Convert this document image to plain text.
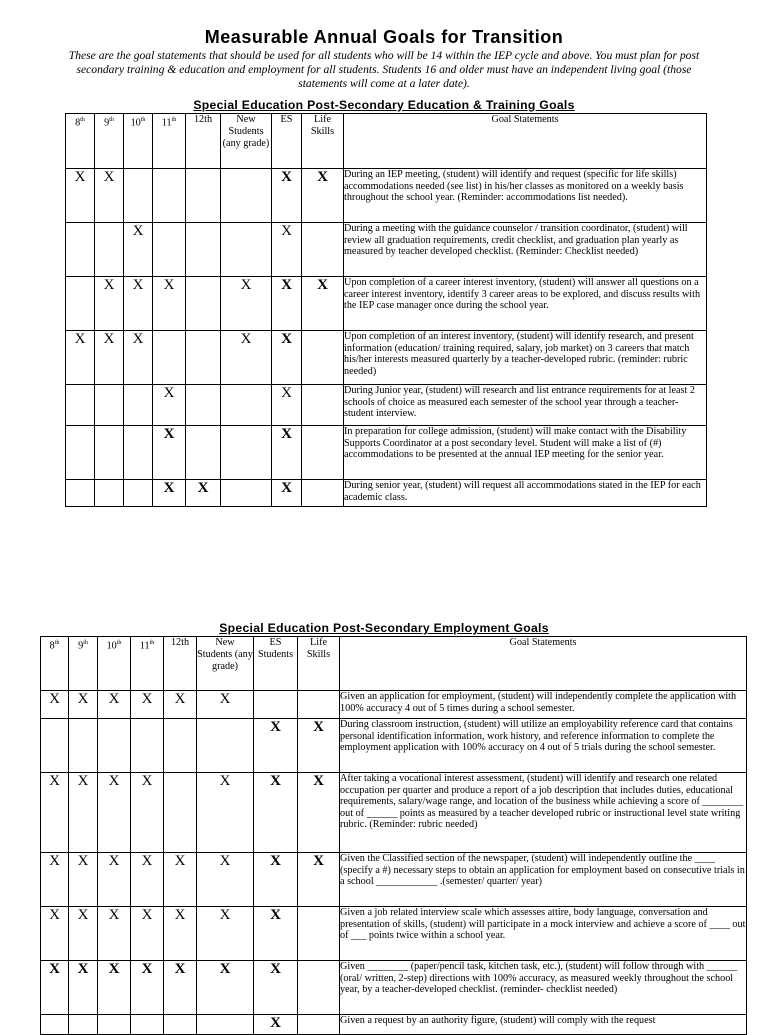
Measurable Annual Goals for Transition
These are the goal statements that should be used for all students who will be 14 within the IEP cycle and above. You must plan for post secondary training & education and employment for all students. Students 16 and older must have an independent living goal (those statements will come at a later date).
Special Education Post-Secondary Education & Training Goals
8th	9th	10th	11th	12th	New Students (any grade)	ES	Life Skills	Goal Statements
X	X					X	X	During an IEP meeting, (student) will identify and request (specific for life skills) accommodations needed (see list) in his/her classes as monitored on a weekly basis throughout the school year. (Reminder: accommodations list needed).
		X				X		During a meeting with the guidance counselor / transition coordinator, (student) will review all graduation requirements, credit checklist, and graduation plan yearly as measured by teacher developed checklist. (Reminder: Checklist needed)
	X	X	X		X	X	X	Upon completion of a career interest inventory, (student) will answer all questions on a career interest inventory, identify 3 career areas to be explored, and discuss results with the IEP case manager once during the school year.
X	X	X			X	X		Upon completion of an interest inventory, (student) will identify research, and present information (education/ training required, salary, job market) on 3 careers that match his/her interests measured quarterly by a teacher-developed rubric. (reminder: rubric needed)
			X			X		During Junior year, (student) will research and list entrance requirements for at least 2 schools of choice as measured each semester of the school year through a teacher-student interview.
			X			X		In preparation for college admission, (student) will make contact with the Disability Supports Coordinator at a post secondary level. Student will make a list of (#) accommodations to be presented at the annual IEP meeting for the senior year.
			X	X		X		During senior year, (student) will request all accommodations stated in the IEP for each academic class.
Special Education Post-Secondary Employment Goals
8th	9th	10th	11th	12th	New Students (any grade)	ES Students	Life Skills	Goal Statements
X	X	X	X	X	X			Given an application for employment, (student) will independently complete the application with 100% accuracy 4 out of 5 times during a school semester.
						X	X	During classroom instruction, (student) will utilize an employability reference card that contains personal identification information, work history, and reference information to complete the employment application with 100% accuracy on 4 out of 5 trials during the school semester.
X	X	X	X		X	X	X	After taking a vocational interest assessment, (student) will identify and research one related occupation per quarter and produce a report of a job description that includes duties, educational requirements, salary/wage range, and location of the business while achieving a score of ________ out of ______ points as measured by a teacher developed rubric or instructional level state writing rubric. (Reminder: rubric needed)
X	X	X	X	X	X	X	X	Given the Classified section of the newspaper, (student) will independently outline the ____ (specify a #) necessary steps to obtain an application for employment based on consecutive trials in a school ____________ .(semester/ quarter/ year)
X	X	X	X	X	X	X		Given a job related interview scale which assesses attire, body language, conversation and presentation of skills, (student) will participate in a mock interview and achieve a score of ____ out of ___ points twice within a school year.
X	X	X	X	X	X	X		Given ________ (paper/pencil task, kitchen task, etc.), (student) will follow through with ______ (oral/ written, 2-step) directions with 100% accuracy, as measured weekly throughout the school year, by a teacher-developed checklist. (reminder- checklist needed)
						X		Given a request by an authority figure, (student) will comply with the request
